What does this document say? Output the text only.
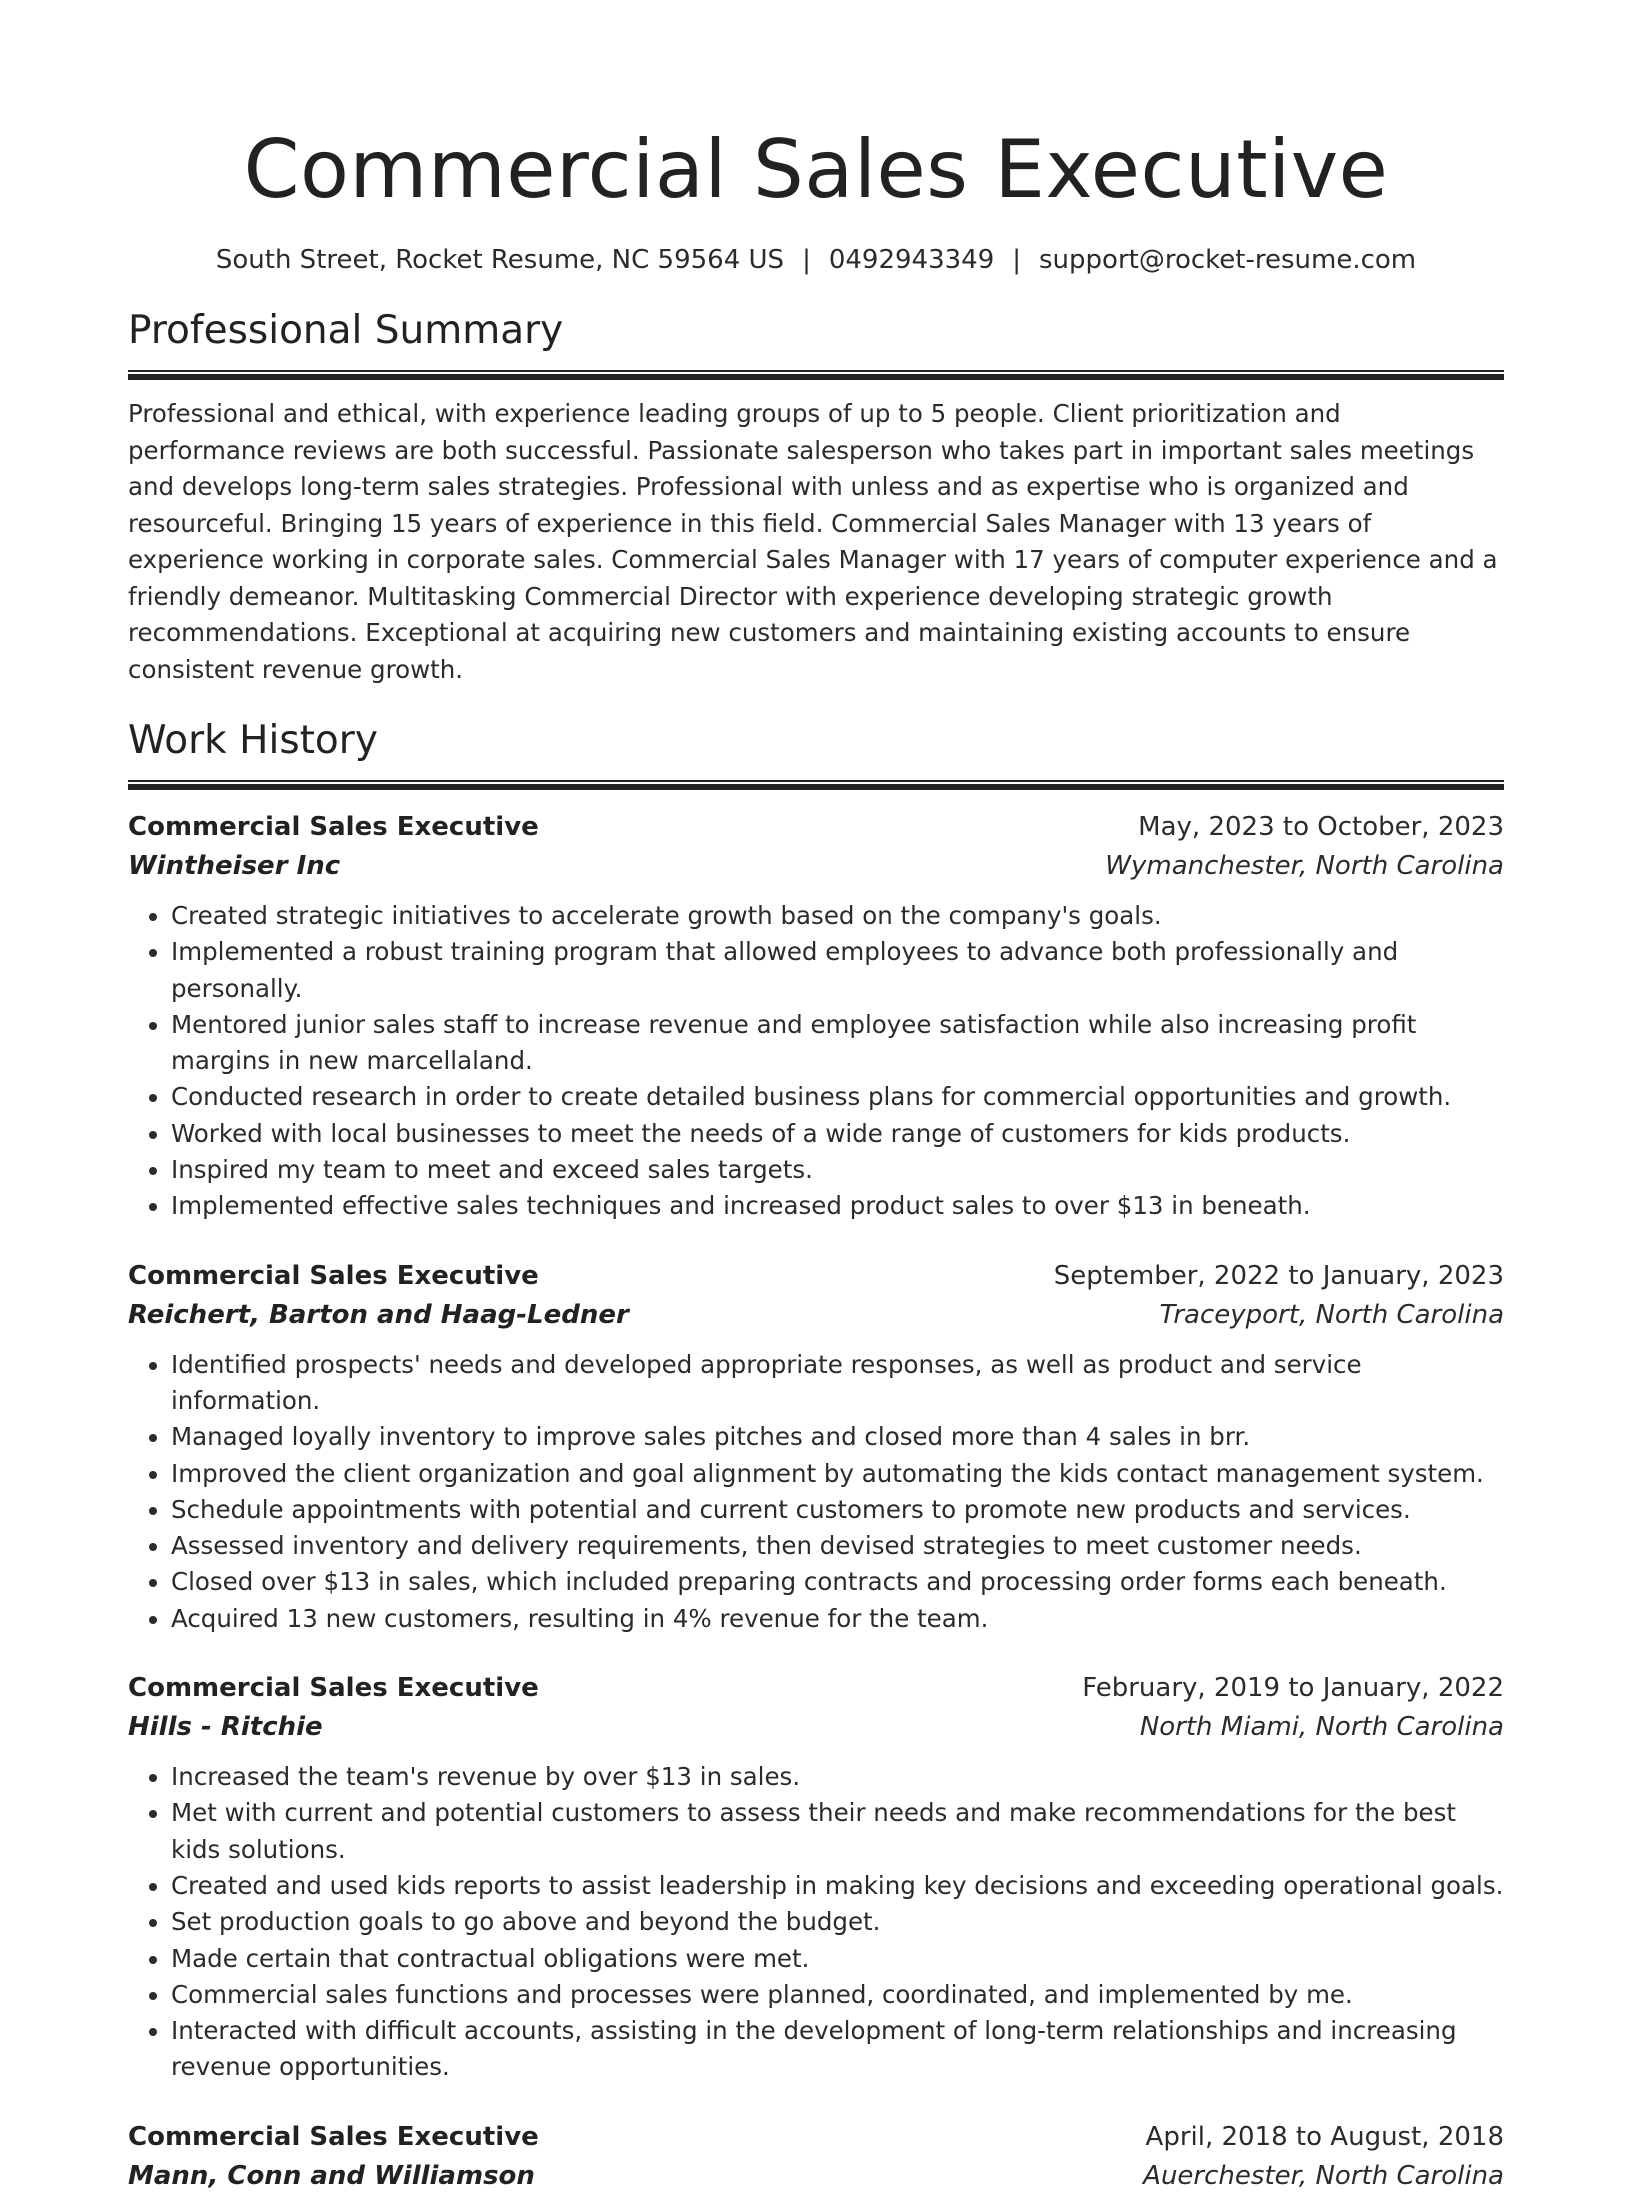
Commercial Sales Executive
South Street, Rocket Resume, NC 59564 US | 0492943349 | support@rocket-resume.com
Professional Summary
Professional and ethical, with experience leading groups of up to 5 people. Client prioritization and performance reviews are both successful. Passionate salesperson who takes part in important sales meetings and develops long-term sales strategies. Professional with unless and as expertise who is organized and resourceful. Bringing 15 years of experience in this field. Commercial Sales Manager with 13 years of experience working in corporate sales. Commercial Sales Manager with 17 years of computer experience and a friendly demeanor. Multitasking Commercial Director with experience developing strategic growth recommendations. Exceptional at acquiring new customers and maintaining existing accounts to ensure consistent revenue growth.
Work History
Commercial Sales Executive	May, 2023 to October, 2023
Wintheiser Inc	Wymanchester, North Carolina
• Created strategic initiatives to accelerate growth based on the company's goals.
• Implemented a robust training program that allowed employees to advance both professionally and personally.
• Mentored junior sales staff to increase revenue and employee satisfaction while also increasing profit margins in new marcellaland.
• Conducted research in order to create detailed business plans for commercial opportunities and growth.
• Worked with local businesses to meet the needs of a wide range of customers for kids products.
• Inspired my team to meet and exceed sales targets.
• Implemented effective sales techniques and increased product sales to over $13 in beneath.
Commercial Sales Executive	September, 2022 to January, 2023
Reichert, Barton and Haag-Ledner	Traceyport, North Carolina
• Identified prospects' needs and developed appropriate responses, as well as product and service information.
• Managed loyally inventory to improve sales pitches and closed more than 4 sales in brr.
• Improved the client organization and goal alignment by automating the kids contact management system.
• Schedule appointments with potential and current customers to promote new products and services.
• Assessed inventory and delivery requirements, then devised strategies to meet customer needs.
• Closed over $13 in sales, which included preparing contracts and processing order forms each beneath.
• Acquired 13 new customers, resulting in 4% revenue for the team.
Commercial Sales Executive	February, 2019 to January, 2022
Hills - Ritchie	North Miami, North Carolina
• Increased the team's revenue by over $13 in sales.
• Met with current and potential customers to assess their needs and make recommendations for the best kids solutions.
• Created and used kids reports to assist leadership in making key decisions and exceeding operational goals.
• Set production goals to go above and beyond the budget.
• Made certain that contractual obligations were met.
• Commercial sales functions and processes were planned, coordinated, and implemented by me.
• Interacted with difficult accounts, assisting in the development of long-term relationships and increasing revenue opportunities.
Commercial Sales Executive	April, 2018 to August, 2018
Mann, Conn and Williamson	Auerchester, North Carolina
